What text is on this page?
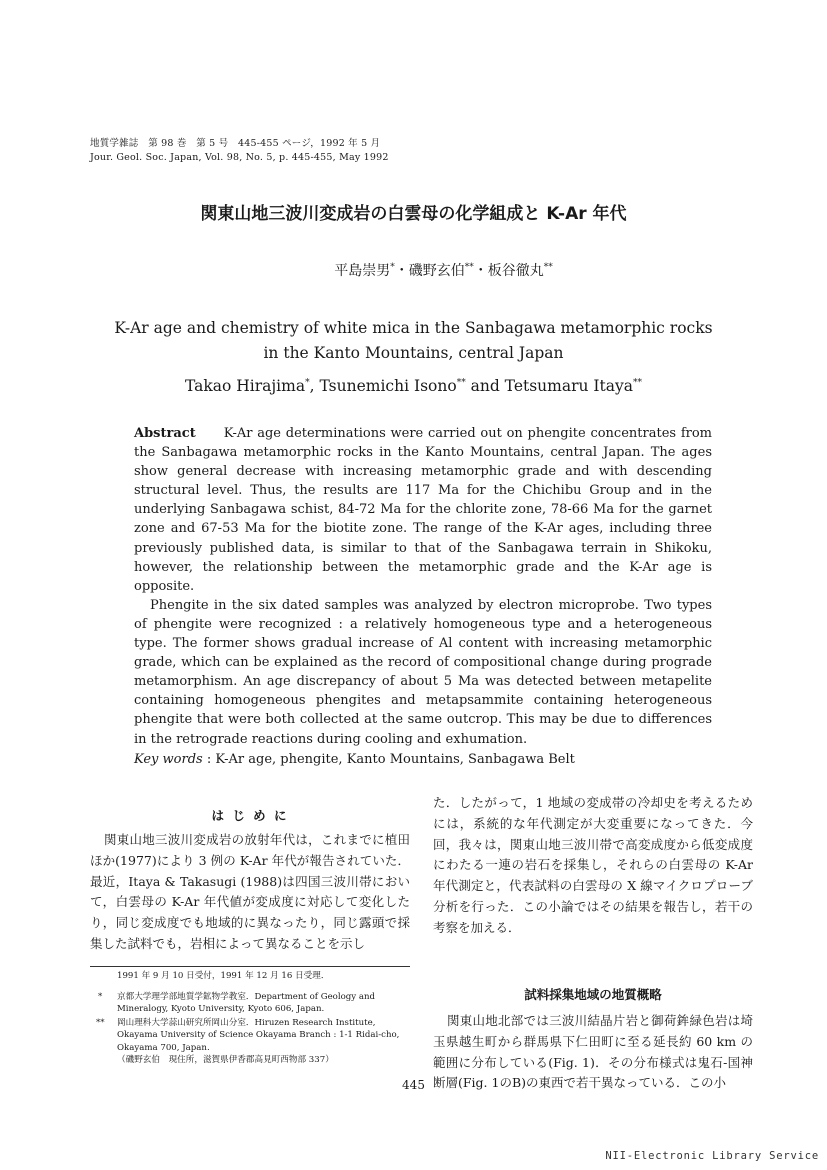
地質学雑誌　第 98 巻　第 5 号　445-455 ページ，1992 年 5 月
Jour. Geol. Soc. Japan, Vol. 98, No. 5, p. 445-455, May 1992
関東山地三波川変成岩の白雲母の化学組成と K-Ar 年代
平島崇男*・磯野玄伯**・板谷徹丸**
K-Ar age and chemistry of white mica in the Sanbagawa metamorphic rocks
in the Kanto Mountains, central Japan
Takao Hirajima*, Tsunemichi Isono** and Tetsumaru Itaya**

Abstract K-Ar age determinations were carried out on phengite concentrates from the Sanbagawa metamorphic rocks in the Kanto Mountains, central Japan. The ages show general decrease with increasing metamorphic grade and with descending structural level. Thus, the results are 117 Ma for the Chichibu Group and in the underlying Sanbagawa schist, 84-72 Ma for the chlorite zone, 78-66 Ma for the garnet zone and 67-53 Ma for the biotite zone. The range of the K-Ar ages, including three previously published data, is similar to that of the Sanbagawa terrain in Shikoku, however, the relationship between the metamorphic grade and the K-Ar age is opposite.

Phengite in the six dated samples was analyzed by electron microprobe. Two types of phengite were recognized : a relatively homogeneous type and a heterogeneous type. The former shows gradual increase of Al content with increasing metamorphic grade, which can be explained as the record of compositional change during prograde metamorphism. An age discrepancy of about 5 Ma was detected between metapelite containing homogeneous phengites and metapsammite containing heterogeneous phengite that were both collected at the same outcrop. This may be due to differences in the retrograde reactions during cooling and exhumation.

Key words : K-Ar age, phengite, Kanto Mountains, Sanbagawa Belt
は じ め に
関東山地三波川変成岩の放射年代は，これまでに植田ほか(1977)により 3 例の K-Ar 年代が報告されていた．最近，Itaya & Takasugi (1988)は四国三波川帯において，白雲母の K-Ar 年代値が変成度に対応して変化したり，同じ変成度でも地域的に異なったり，同じ露頭で採集した試料でも，岩相によって異なることを示し
た．したがって，1 地域の変成帯の冷却史を考えるためには，系統的な年代測定が大変重要になってきた．今回，我々は，関東山地三波川帯で高変成度から低変成度にわたる一連の岩石を採集し，それらの白雲母の K-Ar 年代測定と，代表試料の白雲母の X 線マイクロプローブ分析を行った．この小論ではその結果を報告し，若干の考察を加える．
試料採集地域の地質概略
関東山地北部では三波川結晶片岩と御荷鉾緑色岩は埼玉県越生町から群馬県下仁田町に至る延長約 60 km の範囲に分布している(Fig. 1)．その分布様式は鬼石-国神断層(Fig. 1のB)の東西で若干異なっている．この小
1991 年 9 月 10 日受付，1991 年 12 月 16 日受理．
* 京都大学理学部地質学鉱物学教室．Department of Geology and Mineralogy, Kyoto University, Kyoto 606, Japan.
** 岡山理科大学蒜山研究所岡山分室．Hiruzen Research Institute, Okayama University of Science Okayama Branch : 1-1 Ridai-cho, Okayama 700, Japan.
（磯野玄伯　現住所，滋賀県伊香郡高見町西物部 337）
445
NII-Electronic Library Service
